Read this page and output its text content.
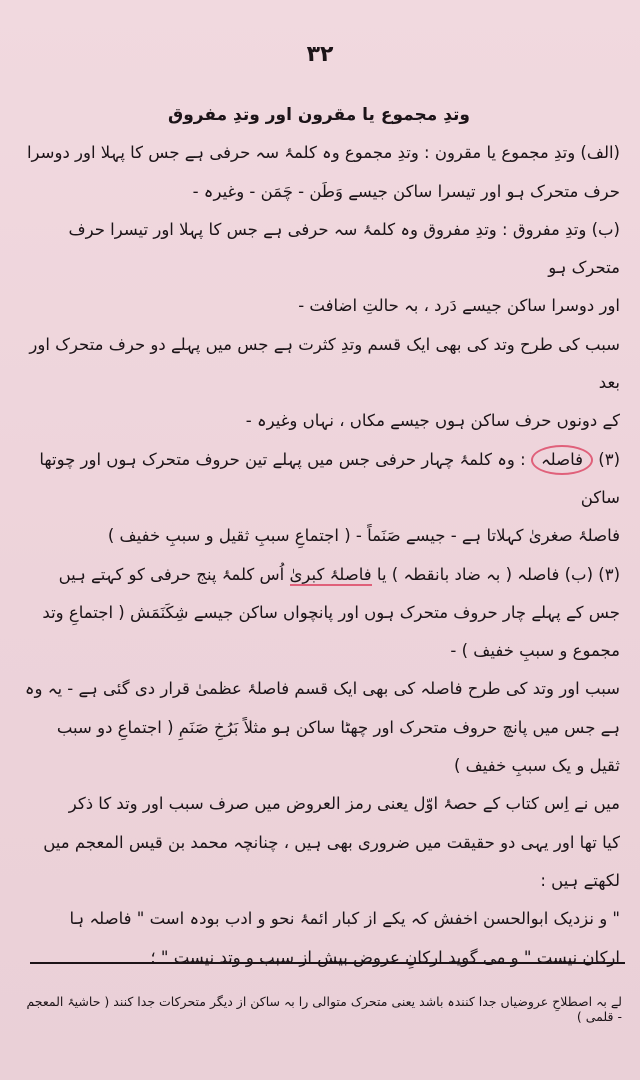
۳۲

وتدِ مجموع یا مقرون اور وتدِ مفروق

(الف) وتدِ مجموع یا مقرون : وتدِ مجموع وہ کلمۂ سہ حرفی ہے جس کا پہلا اور دوسرا

حرف متحرک ہو اور تیسرا ساکن جیسے وَطَن - چَمَن - وغیرہ -

(ب) وتدِ مفروق : وتدِ مفروق وہ کلمۂ سہ حرفی ہے جس کا پہلا اور تیسرا حرف متحرک ہو

اور دوسرا ساکن جیسے دَرد ، بہ حالتِ اضافت -

سبب کی طرح وتد کی بھی ایک قسم وتدِ کثرت ہے جس میں پہلے دو حرف متحرک اور بعد

کے دونوں حرف ساکن ہوں جیسے مکاں ، نہاں وغیرہ -

(۳) فاصلہ : وہ کلمۂ چہار حرفی جس میں پہلے تین حروف متحرک ہوں اور چوتھا ساکن

فاصلۂ صغریٰ کہلاتا ہے - جیسے صَنَماً - ( اجتماعِ سببِ ثقیل و سببِ خفیف )

(۳) (ب) فاصلہ ( بہ ضاد بانقطہ ) یا فاصلۂ کبریٰ اُس کلمۂ پنج حرفی کو کہتے ہیں

جس کے پہلے چار حروف متحرک ہوں اور پانچواں ساکن جیسے شِکَنَمَش ( اجتماعِ وتد

مجموع و سببِ خفیف ) -

سبب اور وتد کی طرح فاصلہ کی بھی ایک قسم فاصلۂ عظمیٰ قرار دی گئی ہے - یہ وہ

ہے جس میں پانچ حروف متحرک اور چھٹا ساکن ہو مثلاً بَرُخِ صَنَمِ ( اجتماعِ دو سبب

ثقیل و یک سببِ خفیف )

میں نے اِس کتاب کے حصۂ اوّل یعنی رمز العروض میں صرف سبب اور وتد کا ذکر

کیا تھا اور یہی دو حقیقت میں ضروری بھی ہیں ، چنانچہ محمد بن قیس المعجم میں لکھتے ہیں :

" و نزدیک ابوالحسن اخفش کہ یکے از کبار ائمۂ نحو و ادب بودہ است " فاصلہ ہا

ارکان نیست " و می گوید ارکانِ عروض بیش از سبب و وتد نیست " ؛

لے بہ اصطلاحِ عروضیاں جدا کنندہ باشد یعنی متحرک متوالی را بہ ساکن از دیگر متحرکات جدا کنند ( حاشیۂ المعجم - قلمی )
